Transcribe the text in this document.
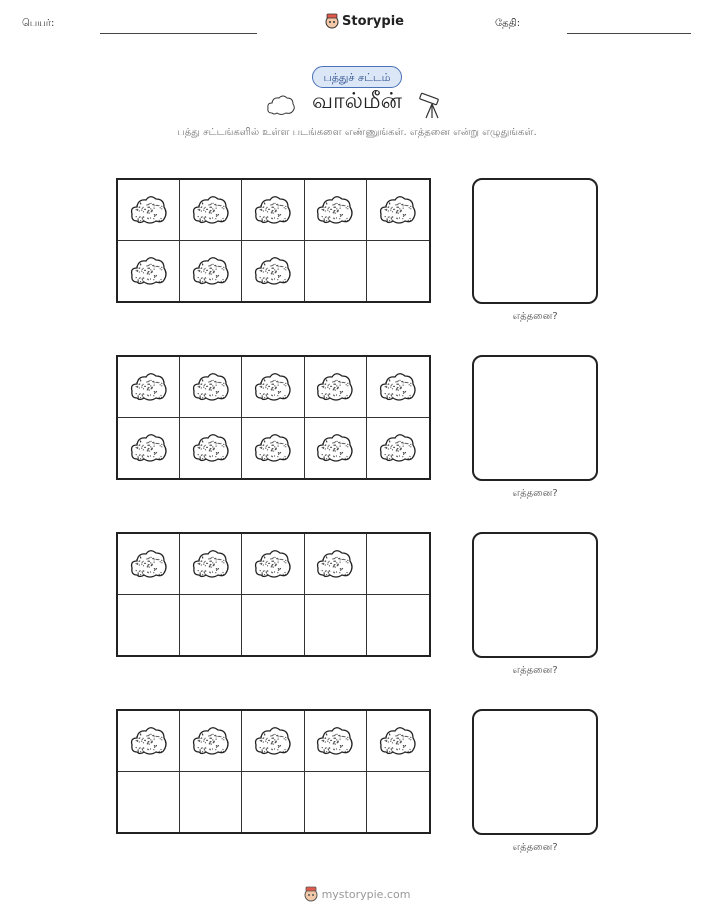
பெயர்:	Storypie	தேதி:
பத்துச் சட்டம்
வால்மீன்
பத்து சட்டங்களில் உள்ள படங்களை எண்ணுங்கள். எத்தனை என்று எழுதுங்கள்.
எத்தனை?
எத்தனை?
எத்தனை?
எத்தனை?
mystorypie.com
